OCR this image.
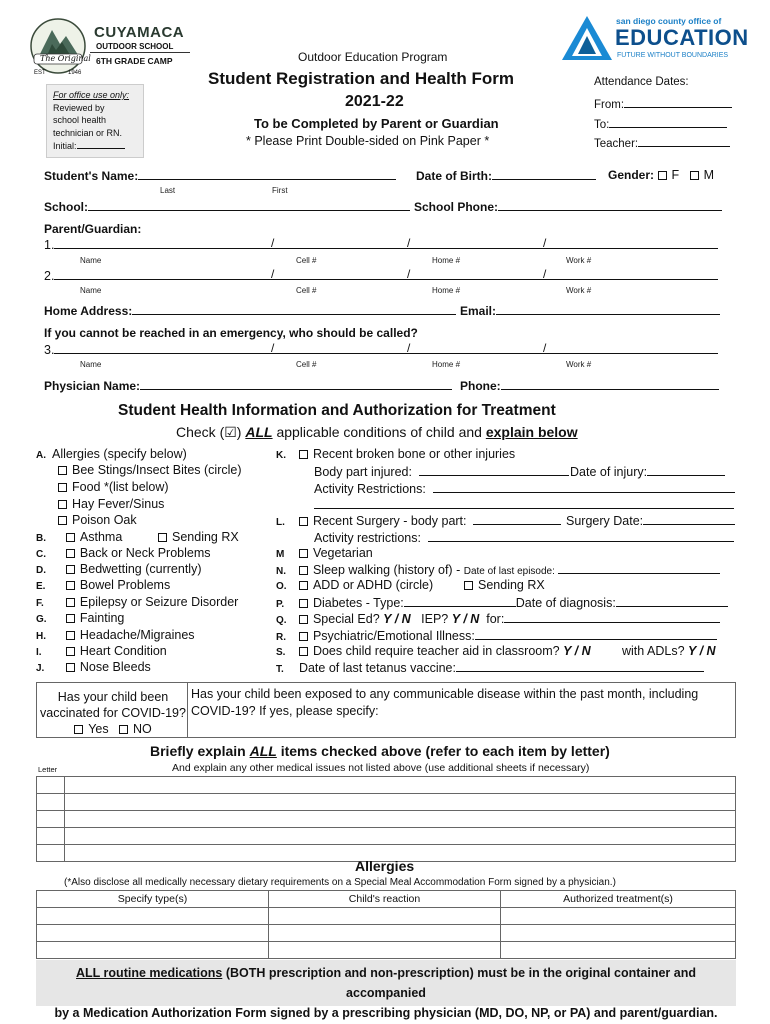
The Original
EST	1946
CUYAMACA
OUTDOOR SCHOOL
6TH GRADE CAMP	Outdoor Education Program
Student Registration and Health Form
2021-22
To be Completed by Parent or Guardian
* Please Print Double-sided on Pink Paper *
san diego county office of
EDUCATION
FUTURE WITHOUT BOUNDARIES
Attendance Dates:
From:
To:
Teacher:
For office use only:
Reviewed by
school health
technician or RN.
Initial:
Student's Name:
Last	First
Date of Birth:	Gender: F M
School:	School Phone:
Parent/Guardian:
1.	/	/	/
Name	Cell #	Home #	Work #
2.	/	/	/
Name	Cell #	Home #	Work #
Home Address:	Email:
If you cannot be reached in an emergency, who should be called?
3.	/	/	/
Name	Cell #	Home #	Work #
Physician Name:	Phone:
Student Health Information and Authorization for Treatment
Check (☑) ALL applicable conditions of child and explain below
A. Allergies (specify below)
Bee Stings/Insect Bites (circle)
Food *(list below)
Hay Fever/Sinus
Poison Oak
B.	Asthma	Sending RX
C.	Back or Neck Problems
D.	Bedwetting (currently)
E.	Bowel Problems
F.	Epilepsy or Seizure Disorder
G.	Fainting
H.	Headache/Migraines
I.	Heart Condition
J.	Nose Bleeds
K. Recent broken bone or other injuries
Body part injured:	Date of injury:
Activity Restrictions:
L. Recent Surgery - body part:	Surgery Date:
Activity restrictions:
M Vegetarian
N. Sleep walking (history of) - Date of last episode:
O. ADD or ADHD (circle)	Sending RX
P. Diabetes - Type:	Date of diagnosis:
Q. Special Ed? Y / N IEP? Y / N for:
R. Psychiatric/Emotional Illness:
S. Does child require teacher aid in classroom? Y / N	with ADLs? Y / N
T. Date of last tetanus vaccine:
Has your child been
vaccinated for COVID-19?
Yes NO
Has your child been exposed to any communicable disease within the past month, including COVID-19? If yes, please specify:
Briefly explain ALL items checked above (refer to each item by letter)
And explain any other medical issues not listed above (use additional sheets if necessary)
Letter

Allergies
(*Also disclose all medically necessary dietary requirements on a Special Meal Accommodation Form signed by a physician.)
Specify type(s)	Child's reaction	Authorized treatment(s)

ALL routine medications (BOTH prescription and non-prescription) must be in the original container and accompanied
by a Medication Authorization Form signed by a prescribing physician (MD, DO, NP, or PA) and parent/guardian.
